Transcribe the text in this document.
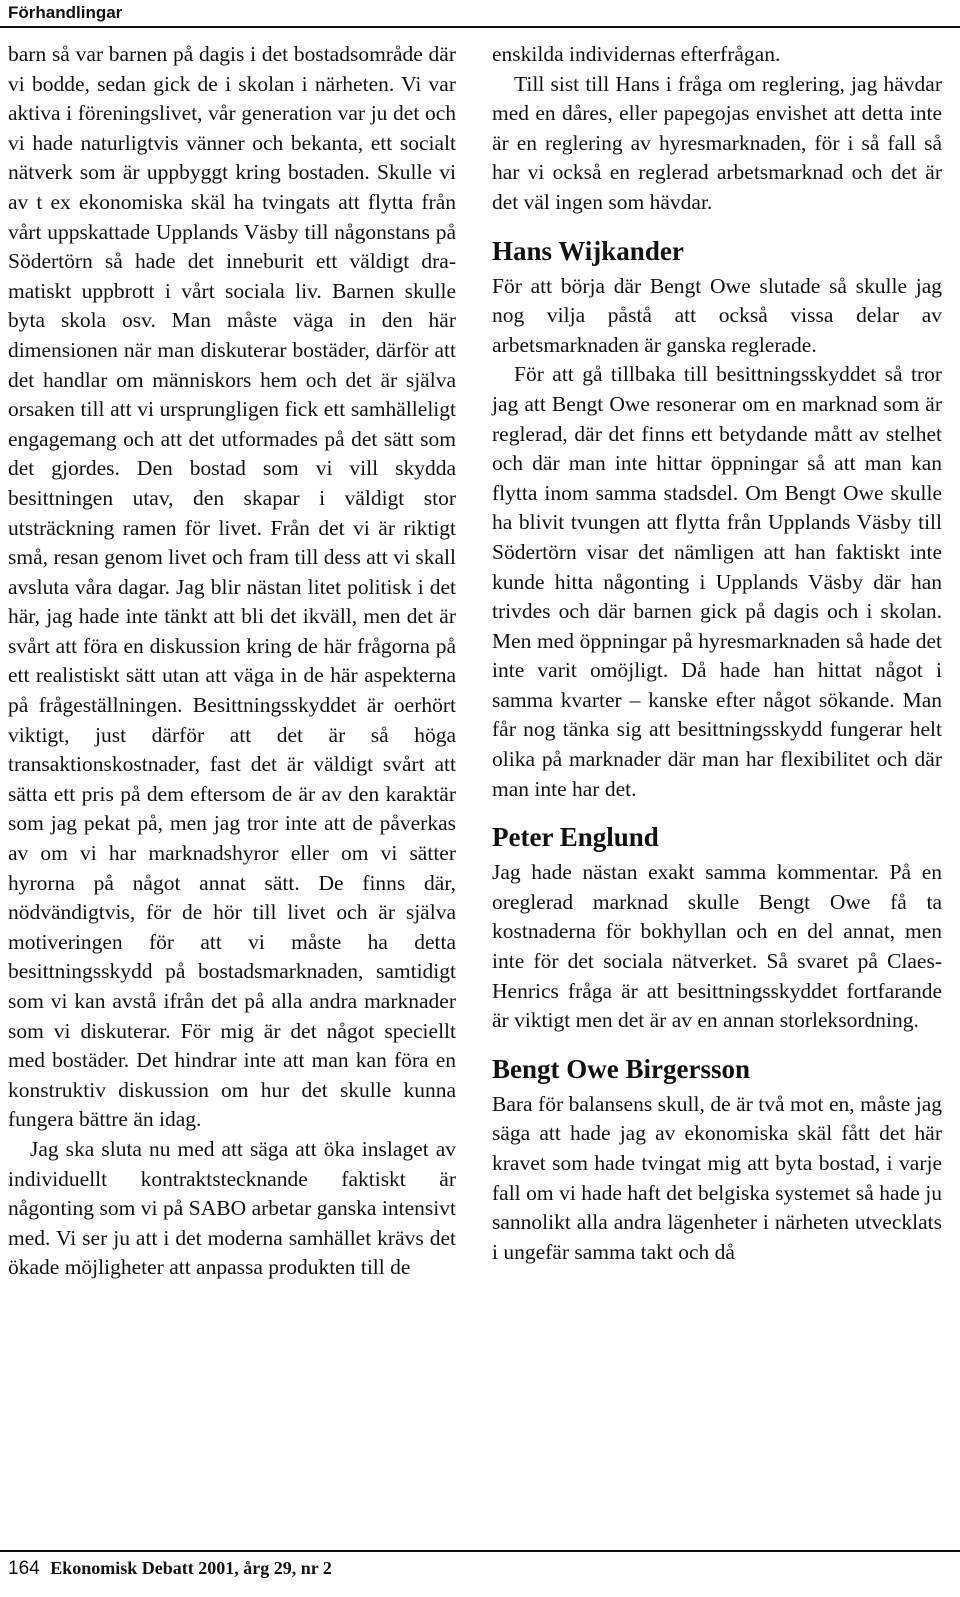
Förhandlingar

barn så var barnen på dagis i det bostadsområde där vi bodde, sedan gick de i skolan i närheten. Vi var aktiva i föreningslivet, vår generation var ju det och vi hade naturligtvis vänner och bekanta, ett socialt nätverk som är uppbyggt kring bostaden. Skulle vi av t ex ekonomiska skäl ha tvingats att flytta från vårt uppskattade Upplands Väsby till någonstans på Södertörn så hade det inneburit ett väldigt dramatiskt uppbrott i vårt sociala liv. Barnen skulle byta skola osv. Man måste väga in den här dimensionen när man diskuterar bostäder, därför att det handlar om människors hem och det är själva orsaken till att vi ursprungligen fick ett samhälleligt engagemang och att det utformades på det sätt som det gjordes. Den bostad som vi vill skydda besittningen utav, den skapar i väldigt stor utsträckning ramen för livet. Från det vi är riktigt små, resan genom livet och fram till dess att vi skall avsluta våra dagar. Jag blir nästan litet politisk i det här, jag hade inte tänkt att bli det ikväll, men det är svårt att föra en diskussion kring de här frågorna på ett realistiskt sätt utan att väga in de här aspekterna på frågeställningen. Besittningsskyddet är oerhört viktigt, just därför att det är så höga transaktionskostnader, fast det är väldigt svårt att sätta ett pris på dem eftersom de är av den karaktär som jag pekat på, men jag tror inte att de påverkas av om vi har marknadshyror eller om vi sätter hyrorna på något annat sätt. De finns där, nödvändigtvis, för de hör till livet och är själva motiveringen för att vi måste ha detta besittningsskydd på bostadsmarknaden, samtidigt som vi kan avstå ifrån det på alla andra marknader som vi diskuterar. För mig är det något speciellt med bostäder. Det hindrar inte att man kan föra en konstruktiv diskussion om hur det skulle kunna fungera bättre än idag.

Jag ska sluta nu med att säga att öka inslaget av individuellt kontraktstecknande faktiskt är någonting som vi på SABO arbetar ganska intensivt med. Vi ser ju att i det moderna samhället krävs det ökade möjligheter att anpassa produkten till de

enskilda individernas efterfrågan.

Till sist till Hans i fråga om reglering, jag hävdar med en dåres, eller papegojas envishet att detta inte är en reglering av hyresmarknaden, för i så fall så har vi också en reglerad arbetsmarknad och det är det väl ingen som hävdar.

Hans Wijkander

För att börja där Bengt Owe slutade så skulle jag nog vilja påstå att också vissa delar av arbetsmarknaden är ganska reglerade.

För att gå tillbaka till besittningsskyddet så tror jag att Bengt Owe resonerar om en marknad som är reglerad, där det finns ett betydande mått av stelhet och där man inte hittar öppningar så att man kan flytta inom samma stadsdel. Om Bengt Owe skulle ha blivit tvungen att flytta från Upplands Väsby till Södertörn visar det nämligen att han faktiskt inte kunde hitta någonting i Upplands Väsby där han trivdes och där barnen gick på dagis och i skolan. Men med öppningar på hyresmarknaden så hade det inte varit omöjligt. Då hade han hittat något i samma kvarter – kanske efter något sökande. Man får nog tänka sig att besittningsskydd fungerar helt olika på marknader där man har flexibilitet och där man inte har det.

Peter Englund

Jag hade nästan exakt samma kommentar. På en oreglerad marknad skulle Bengt Owe få ta kostnaderna för bokhyllan och en del annat, men inte för det sociala nätverket. Så svaret på Claes-Henrics fråga är att besittningsskyddet fortfarande är viktigt men det är av en annan storleksordning.

Bengt Owe Birgersson

Bara för balansens skull, de är två mot en, måste jag säga att hade jag av ekonomiska skäl fått det här kravet som hade tvingat mig att byta bostad, i varje fall om vi hade haft det belgiska systemet så hade ju sannolikt alla andra lägenheter i närheten utvecklats i ungefär samma takt och då

164 Ekonomisk Debatt 2001, årg 29, nr 2
